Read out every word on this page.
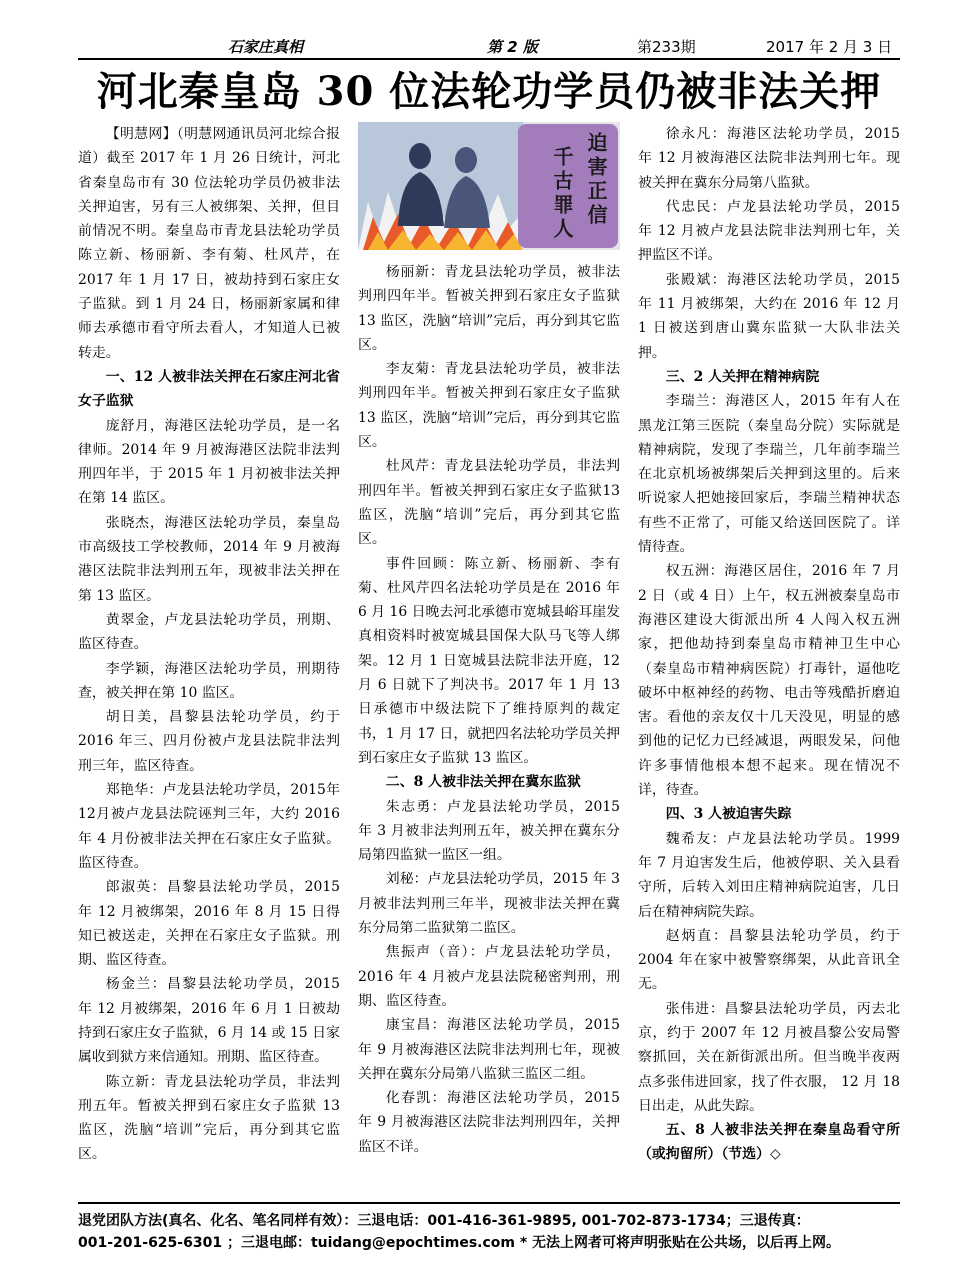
石家庄真相	第 2 版	第233期	2017 年 2 月 3 日
河北秦皇岛 30 位法轮功学员仍被非法关押

【明慧网】（明慧网通讯员河北综合报道）截至 2017 年 1 月 26 日统计，河北省秦皇岛市有 30 位法轮功学员仍被非法关押迫害，另有三人被绑架、关押，但目前情况不明。秦皇岛市青龙县法轮功学员陈立新、杨丽新、李有菊、杜风芹，在 2017 年 1 月 17 日，被劫持到石家庄女子监狱。到 1 月 24 日，杨丽新家属和律师去承德市看守所去看人，才知道人已被转走。

一、12 人被非法关押在石家庄河北省女子监狱

庞舒月，海港区法轮功学员，是一名律师。2014 年 9 月被海港区法院非法判刑四年半，于 2015 年 1 月初被非法关押在第 14 监区。

张晓杰，海港区法轮功学员，秦皇岛市高级技工学校教师，2014 年 9 月被海港区法院非法判刑五年，现被非法关押在第 13 监区。

黄翠金，卢龙县法轮功学员，刑期、监区待查。

李学颖，海港区法轮功学员，刑期待查，被关押在第 10 监区。

胡日美，昌黎县法轮功学员，约于 2016 年三、四月份被卢龙县法院非法判刑三年，监区待查。

郑艳华：卢龙县法轮功学员，2015年12月被卢龙县法院诬判三年，大约 2016 年 4 月份被非法关押在石家庄女子监狱。监区待查。

郎淑英：昌黎县法轮功学员，2015 年 12 月被绑架，2016 年 8 月 15 日得知已被送走，关押在石家庄女子监狱。刑期、监区待查。

杨金兰：昌黎县法轮功学员，2015 年 12 月被绑架，2016 年 6 月 1 日被劫持到石家庄女子监狱，6 月 14 或 15 日家属收到狱方来信通知。刑期、监区待查。

陈立新：青龙县法轮功学员，非法判刑五年。暂被关押到石家庄女子监狱 13 监区，洗脑“培训”完后，再分到其它监区。

迫害正信
千古罪人

杨丽新：青龙县法轮功学员，被非法判刑四年半。暂被关押到石家庄女子监狱 13 监区，洗脑“培训”完后，再分到其它监区。

李友菊：青龙县法轮功学员，被非法判刑四年半。暂被关押到石家庄女子监狱 13 监区，洗脑“培训”完后，再分到其它监区。

杜风芹：青龙县法轮功学员，非法判刑四年半。暂被关押到石家庄女子监狱13 监区，洗脑“培训”完后，再分到其它监区。

事件回顾：陈立新、杨丽新、李有菊、杜风芹四名法轮功学员是在 2016 年 6 月 16 日晚去河北承德市宽城县峪耳崖发真相资料时被宽城县国保大队马飞等人绑架。12 月 1 日宽城县法院非法开庭，12 月 6 日就下了判决书。2017 年 1 月 13 日承德市中级法院下了维持原判的裁定书，1 月 17 日，就把四名法轮功学员关押到石家庄女子监狱 13 监区。

二、8 人被非法关押在冀东监狱

朱志勇：卢龙县法轮功学员，2015 年 3 月被非法判刑五年，被关押在冀东分局第四监狱一监区一组。

刘秘：卢龙县法轮功学员，2015 年 3 月被非法判刑三年半，现被非法关押在冀东分局第二监狱第二监区。

焦振声（音）：卢龙县法轮功学员，2016 年 4 月被卢龙县法院秘密判刑，刑期、监区待查。

康宝昌：海港区法轮功学员，2015 年 9 月被海港区法院非法判刑七年，现被关押在冀东分局第八监狱三监区二组。

化春凯：海港区法轮功学员，2015 年 9 月被海港区法院非法判刑四年，关押监区不详。

徐永凡：海港区法轮功学员，2015 年 12 月被海港区法院非法判刑七年。现被关押在冀东分局第八监狱。

代忠民：卢龙县法轮功学员，2015 年 12 月被卢龙县法院非法判刑七年，关押监区不详。

张殿斌：海港区法轮功学员，2015 年 11 月被绑架，大约在 2016 年 12 月 1 日被送到唐山冀东监狱一大队非法关押。

三、2 人关押在精神病院

李瑞兰：海港区人，2015 年有人在黑龙江第三医院（秦皇岛分院）实际就是精神病院，发现了李瑞兰，几年前李瑞兰在北京机场被绑架后关押到这里的。后来听说家人把她接回家后，李瑞兰精神状态有些不正常了，可能又给送回医院了。详情待查。

权五洲：海港区居住，2016 年 7 月 2 日（或 4 日）上午，权五洲被秦皇岛市海港区建设大街派出所 4 人闯入权五洲家，把他劫持到秦皇岛市精神卫生中心（秦皇岛市精神病医院）打毒针，逼他吃破坏中枢神经的药物、电击等残酷折磨迫害。看他的亲友仅十几天没见，明显的感到他的记忆力已经减退，两眼发呆，问他许多事情他根本想不起来。现在情况不详，待查。

四、3 人被迫害失踪

魏希友：卢龙县法轮功学员。1999 年 7 月迫害发生后，他被停职、关入县看守所，后转入刘田庄精神病院迫害，几日后在精神病院失踪。

赵炳直：昌黎县法轮功学员，约于 2004 年在家中被警察绑架，从此音讯全无。

张伟进：昌黎县法轮功学员，丙去北京，约于 2007 年 12 月被昌黎公安局警察抓回，关在新街派出所。但当晚半夜两点多张伟进回家，找了件衣服， 12 月 18 日出走，从此失踪。

五、8 人被非法关押在秦皇岛看守所（或拘留所）（节选）◇
退党团队方法(真名、化名、笔名同样有效）：三退电话：001-416-361-9895, 001-702-873-1734；三退传真：
001-201-625-6301 ；三退电邮：tuidang@epochtimes.com * 无法上网者可将声明张贴在公共场，以后再上网。
